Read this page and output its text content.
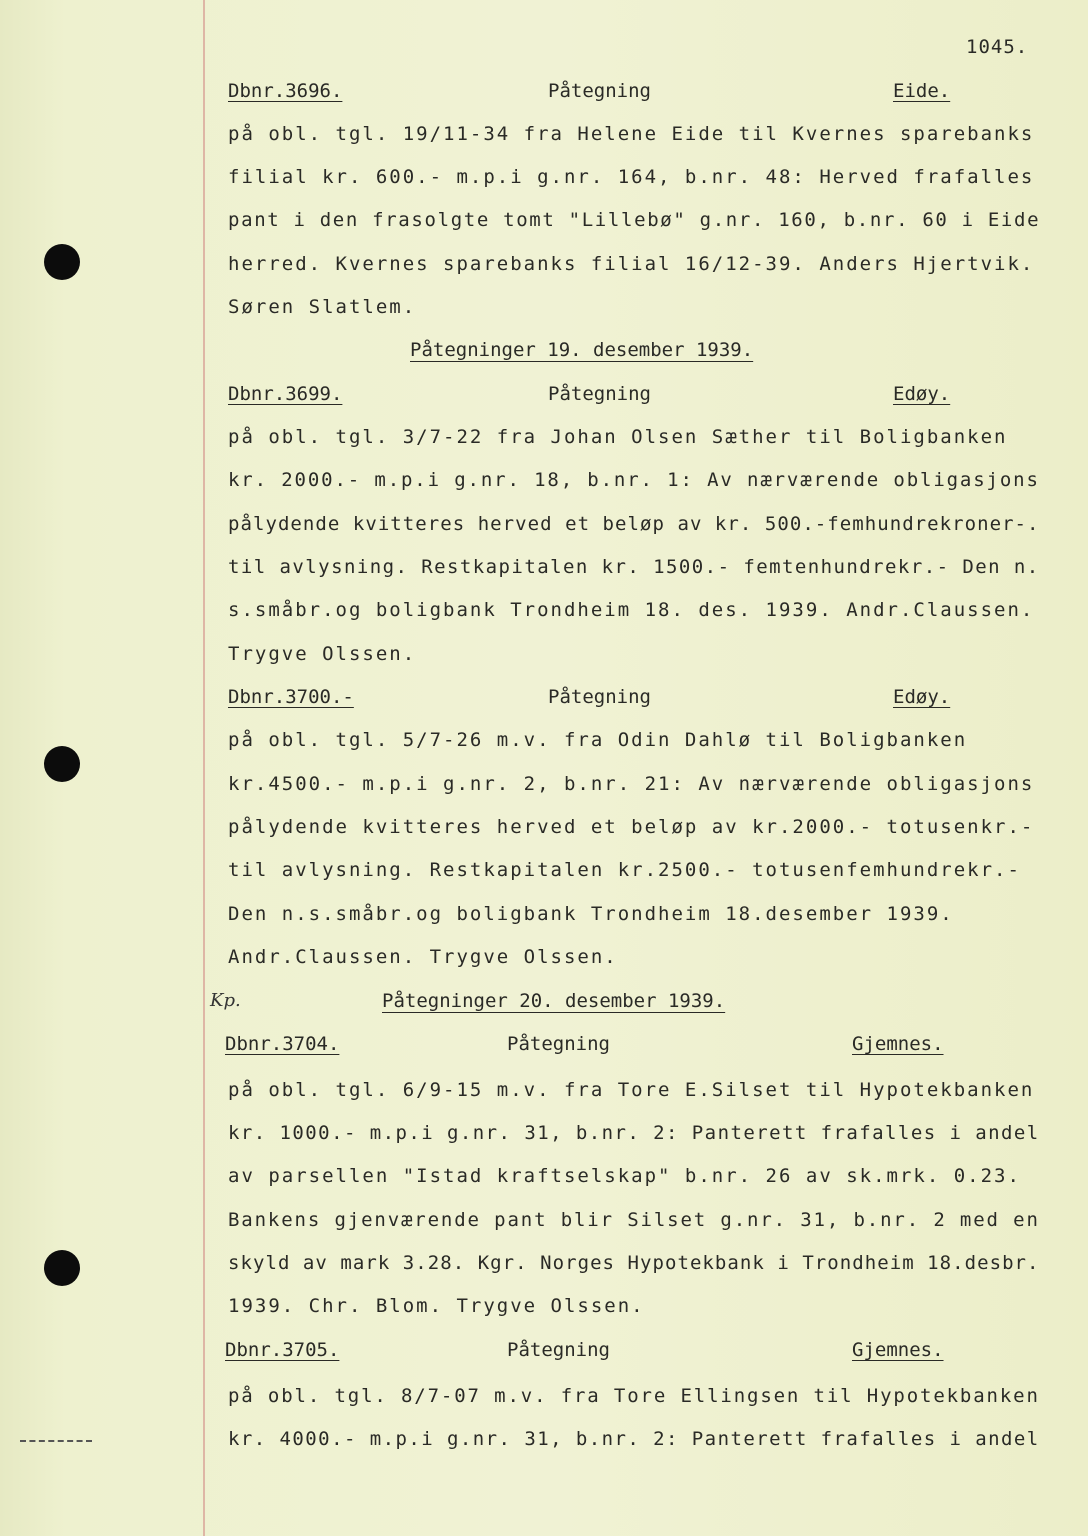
1045.
Kp.
Dbnr.3696.	Påtegning	Eide.
på obl. tgl. 19/11-34 fra Helene Eide til Kvernes sparebanks
filial kr. 600.- m.p.i g.nr. 164, b.nr. 48: Herved frafalles
pant i den frasolgte tomt "Lillebø" g.nr. 160, b.nr. 60 i Eide
herred. Kvernes sparebanks filial 16/12-39. Anders Hjertvik.
Søren Slatlem.
Påtegninger 19. desember 1939.
Dbnr.3699.	Påtegning	Edøy.
på obl. tgl. 3/7-22 fra Johan Olsen Sæther til Boligbanken
kr. 2000.- m.p.i g.nr. 18, b.nr. 1: Av nærværende obligasjons
pålydende kvitteres herved et beløp av kr. 500.-femhundrekroner-.
til avlysning. Restkapitalen kr. 1500.- femtenhundrekr.- Den n.
s.småbr.og boligbank Trondheim 18. des. 1939. Andr.Claussen.
Trygve Olssen.
Dbnr.3700.-	Påtegning	Edøy.
på obl. tgl. 5/7-26 m.v. fra Odin Dahlø til Boligbanken
kr.4500.- m.p.i g.nr. 2, b.nr. 21: Av nærværende obligasjons
pålydende kvitteres herved et beløp av kr.2000.- totusenkr.-
til avlysning. Restkapitalen kr.2500.- totusenfemhundrekr.-
Den n.s.småbr.og boligbank Trondheim 18.desember 1939.
Andr.Claussen. Trygve Olssen.
Påtegninger 20. desember 1939.
Dbnr.3704.	Påtegning	Gjemnes.
på obl. tgl. 6/9-15 m.v. fra Tore E.Silset til Hypotekbanken
kr. 1000.- m.p.i g.nr. 31, b.nr. 2: Panterett frafalles i andel
av parsellen "Istad kraftselskap" b.nr. 26 av sk.mrk. 0.23.
Bankens gjenværende pant blir Silset g.nr. 31, b.nr. 2 med en
skyld av mark 3.28. Kgr. Norges Hypotekbank i Trondheim 18.desbr.
1939. Chr. Blom. Trygve Olssen.
Dbnr.3705.	Påtegning	Gjemnes.
på obl. tgl. 8/7-07 m.v. fra Tore Ellingsen til Hypotekbanken
kr. 4000.- m.p.i g.nr. 31, b.nr. 2: Panterett frafalles i andel
